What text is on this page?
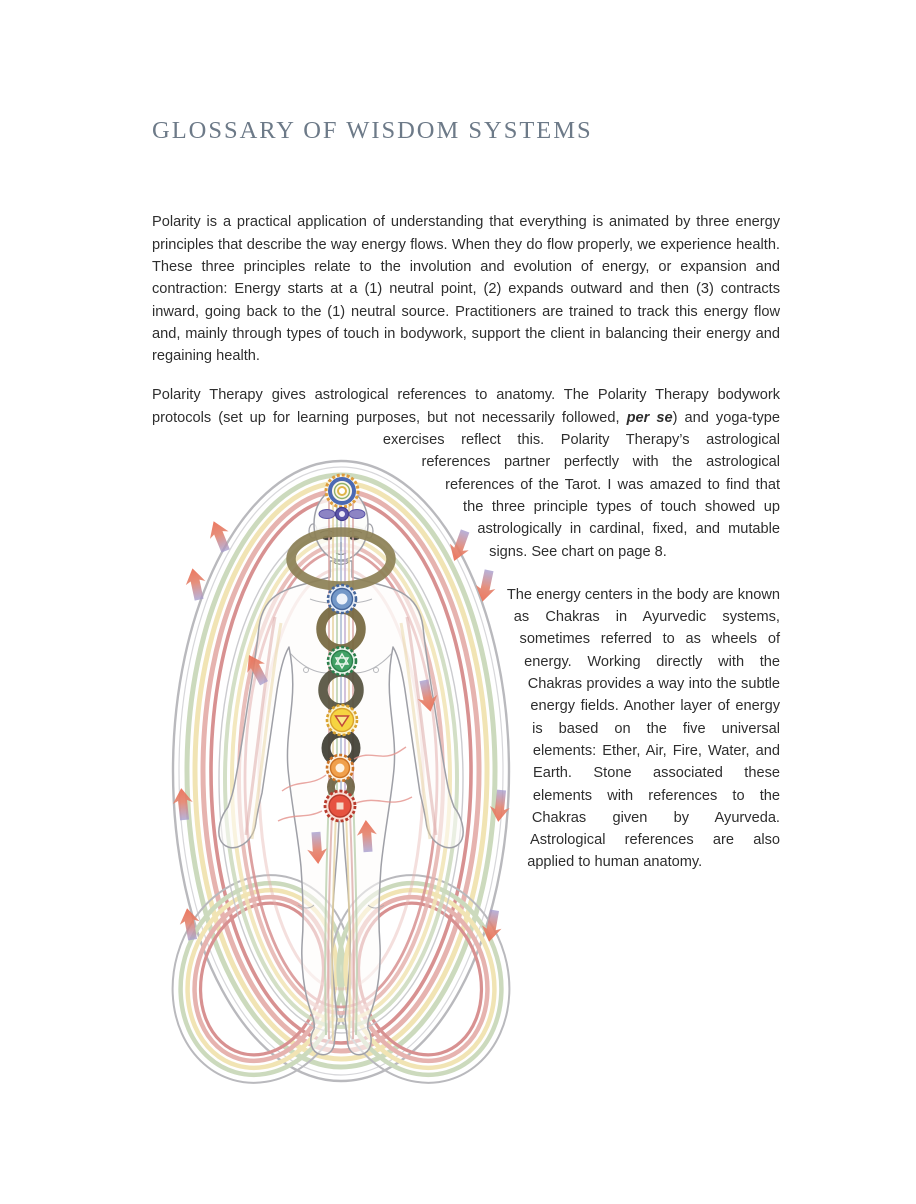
GLOSSARY OF WISDOM SYSTEMS

Polarity is a practical application of understanding that everything is animated by three energy principles that describe the way energy flows. When they do flow properly, we experience health. These three principles relate to the involution and evolution of energy, or expansion and contraction: Energy starts at a (1) neutral point, (2) expands outward and then (3) contracts inward, going back to the (1) neutral source. Practitioners are trained to track this energy flow and, mainly through types of touch in bodywork, support the client in balancing their energy and regaining health.

Polarity Therapy gives astrological references to anatomy. The Polarity Therapy bodywork protocols (set up for learning purposes, but not necessarily followed, per se) and yoga-type exercises reflect this. Polarity Therapy’s astrological references partner perfectly with the astrological references of the Tarot. I was amazed to find that the three principle types of touch showed up astrologically in cardinal, fixed, and mutable signs. See chart on page 8.

The energy centers in the body are known as Chakras in Ayurvedic systems, sometimes referred to as wheels of energy. Working directly with the Chakras provides a way into the subtle energy fields. Another layer of energy is based on the five universal elements: Ether, Air, Fire, Water, and Earth. Stone associated these elements with references to the Chakras given by Ayurveda. Astrological references are also applied to human anatomy.
